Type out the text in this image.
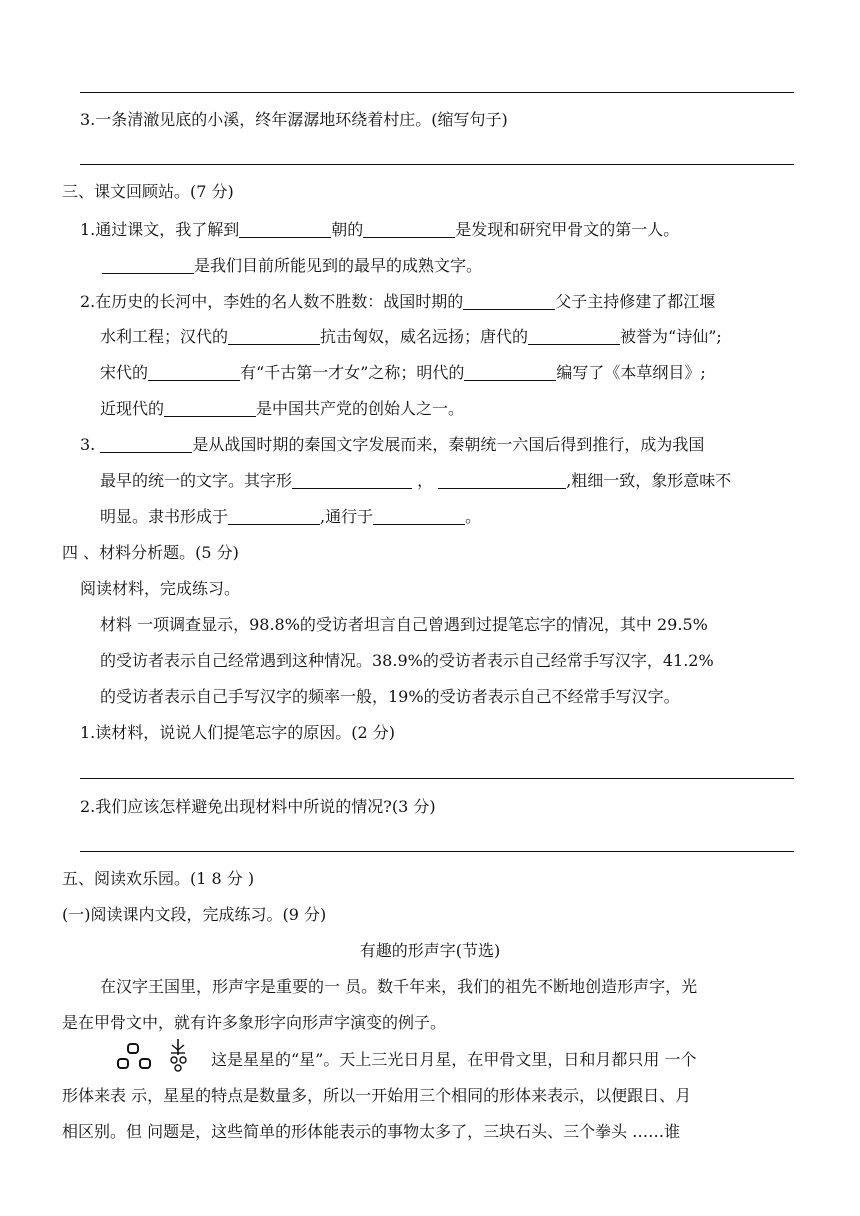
3.一条清澈见底的小溪，终年潺潺地环绕着村庄。(缩写句子)
三、课文回顾站。(7 分)
1.通过课文，我了解到	朝的	是发现和研究甲骨文的第一人。
是我们目前所能见到的最早的成熟文字。
2.在历史的长河中，李姓的名人数不胜数：战国时期的	父子主持修建了都江堰
水利工程；汉代的	抗击匈奴，威名远扬；唐代的	被誉为“诗仙”;
宋代的	有“千古第一才女”之称；明代的	编写了《本草纲目》;
近现代的	是中国共产党的创始人之一。
3.	是从战国时期的秦国文字发展而来，秦朝统一六国后得到推行，成为我国
最早的统一的文字。其字形	，	,粗细一致，象形意味不
明显。隶书形成于	,通行于	。
四 、材料分析题。(5 分)
阅读材料，完成练习。
材料 一项调查显示，98.8%的受访者坦言自己曾遇到过提笔忘字的情况，其中 29.5%
的受访者表示自己经常遇到这种情况。38.9%的受访者表示自己经常手写汉字，41.2%
的受访者表示自己手写汉字的频率一般，19%的受访者表示自己不经常手写汉字。
1.读材料，说说人们提笔忘字的原因。(2 分)
2.我们应该怎样避免出现材料中所说的情况?(3 分)
五、阅读欢乐园。(1 8 分 )
(一)阅读课内文段，完成练习。(9 分)
有趣的形声字(节选)
在汉字王国里，形声字是重要的一 员。数千年来，我们的祖先不断地创造形声字，光
是在甲骨文中，就有许多象形字向形声字演变的例子。
这是星星的“星”。天上三光日月星，在甲骨文里，日和月都只用 一个
形体来表 示，星星的特点是数量多，所以一开始用三个相同的形体来表示，以便跟日、月
相区别。但 问题是，这些简单的形体能表示的事物太多了，三块石头、三个拳头 ……谁
